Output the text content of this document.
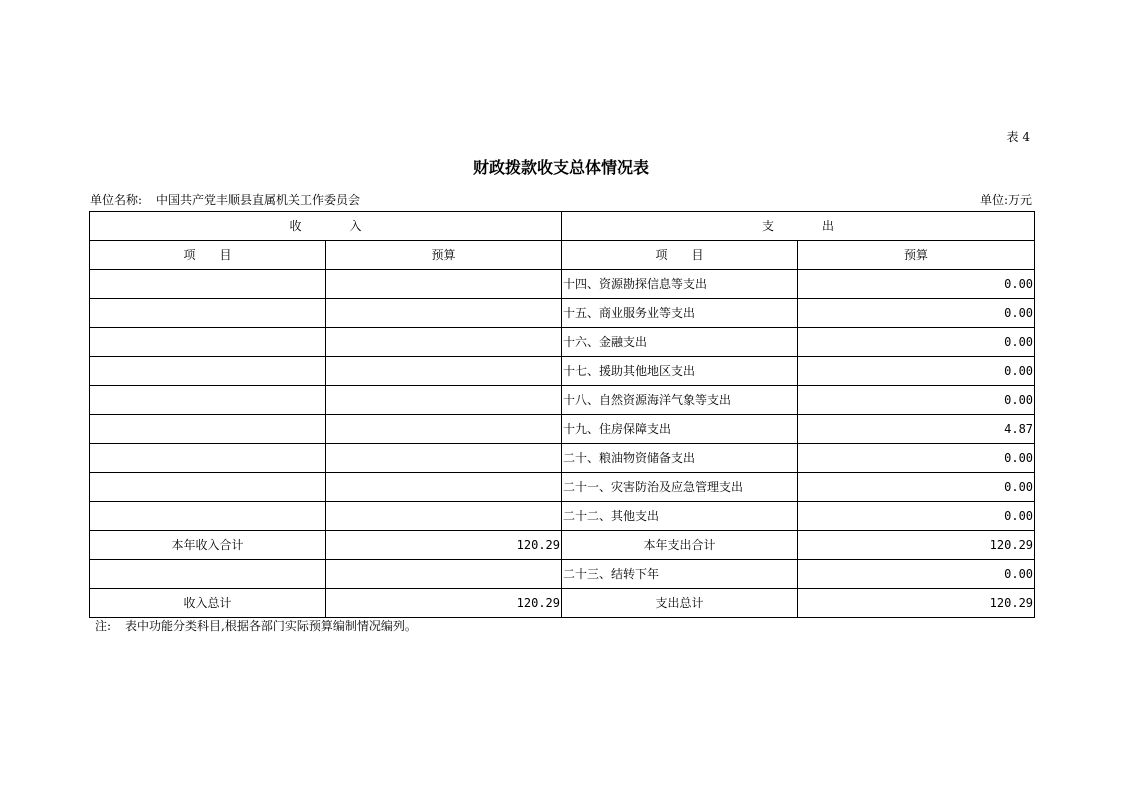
表 4
财政拨款收支总体情况表
单位名称: 中国共产党丰顺县直属机关工作委员会	单位:万元
收　　　　入		支　　　　出	
项　　目	预算	项　　目	预算
		十四、资源勘探信息等支出	0.00
		十五、商业服务业等支出	0.00
		十六、金融支出	0.00
		十七、援助其他地区支出	0.00
		十八、自然资源海洋气象等支出	0.00
		十九、住房保障支出	4.87
		二十、粮油物资储备支出	0.00
		二十一、灾害防治及应急管理支出	0.00
		二十二、其他支出	0.00
本年收入合计	120.29	本年支出合计	120.29
		二十三、结转下年	0.00
收入总计	120.29	支出总计	120.29
注: 表中功能分类科目,根据各部门实际预算编制情况编列。
